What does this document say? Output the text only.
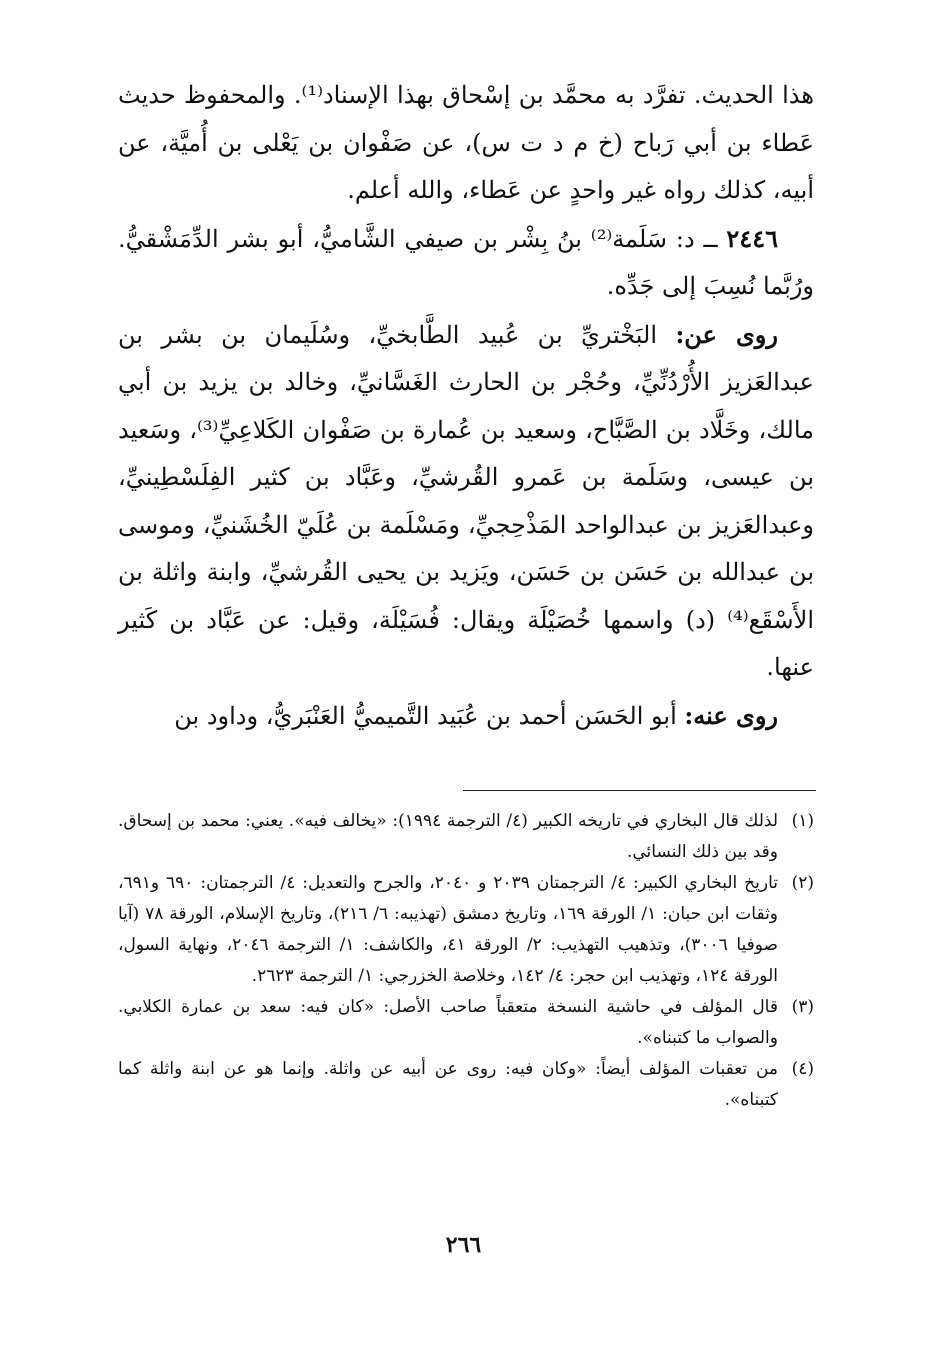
هذا الحديث. تفرَّد به محمَّد بن إسْحاق بهذا الإسناد⁽¹⁾. والمحفوظ حديث عَطاء بن أبي رَباح (خ م د ت س)، عن صَفْوان بن يَعْلى بن أُميَّة، عن أبيه، كذلك رواه غير واحدٍ عن عَطاء، والله أعلم.

٢٤٤٦ ــ د: سَلَمة⁽²⁾ بنُ بِشْر بن صيفي الشَّاميُّ، أبو بشر الدِّمَشْقيُّ. ورُبَّما نُسِبَ إلى جَدِّه.

روى عن: البَخْتريِّ بن عُبيد الطَّابخيِّ، وسُلَيمان بن بشر بن عبدالعَزيز الأُرْدُنِّيِّ، وحُجْر بن الحارث الغَسَّانيِّ، وخالد بن يزيد بن أبي مالك، وخَلَّاد بن الصَّبَّاح، وسعيد بن عُمارة بن صَفْوان الكَلاعِيِّ⁽³⁾، وسَعيد بن عيسى، وسَلَمة بن عَمرو القُرشيِّ، وعَبَّاد بن كثير الفِلَسْطِينيِّ، وعبدالعَزيز بن عبدالواحد المَذْحِجيِّ، ومَسْلَمة بن عُلَيّ الخُشَنيِّ، وموسى بن عبدالله بن حَسَن بن حَسَن، ويَزيد بن يحيى القُرشيِّ، وابنة واثلة بن الأَسْقَع⁽⁴⁾ (د) واسمها خُصَيْلَة ويقال: فُسَيْلَة، وقيل: عن عَبَّاد بن كَثير عنها.

روى عنه: أبو الحَسَن أحمد بن عُبَيد التَّميميُّ العَنْبَريُّ، وداود بن

(١)
لذلك قال البخاري في تاريخه الكبير (٤/ الترجمة ١٩٩٤): «يخالف فيه». يعني: محمد بن إسحاق. وقد بين ذلك النسائي.
(٢)
تاريخ البخاري الكبير: ٤/ الترجمتان ٢٠٣٩ و ٢٠٤٠، والجرح والتعديل: ٤/ الترجمتان: ٦٩٠ و٦٩١، وثقات ابن حبان: ١/ الورقة ١٦٩، وتاريخ دمشق (تهذيبه: ٦/ ٢١٦)، وتاريخ الإسلام، الورقة ٧٨ (آيا صوفيا ٣٠٠٦)، وتذهيب التهذيب: ٢/ الورقة ٤١، والكاشف: ١/ الترجمة ٢٠٤٦، ونهاية السول، الورقة ١٢٤، وتهذيب ابن حجر: ٤/ ١٤٢، وخلاصة الخزرجي: ١/ الترجمة ٢٦٢٣.
(٣)
قال المؤلف في حاشية النسخة متعقباً صاحب الأصل: «كان فيه: سعد بن عمارة الكلابي. والصواب ما كتبناه».
(٤)
من تعقبات المؤلف أيضاً: «وكان فيه: روى عن أبيه عن واثلة. وإنما هو عن ابنة واثلة كما كتبناه».
٢٦٦
